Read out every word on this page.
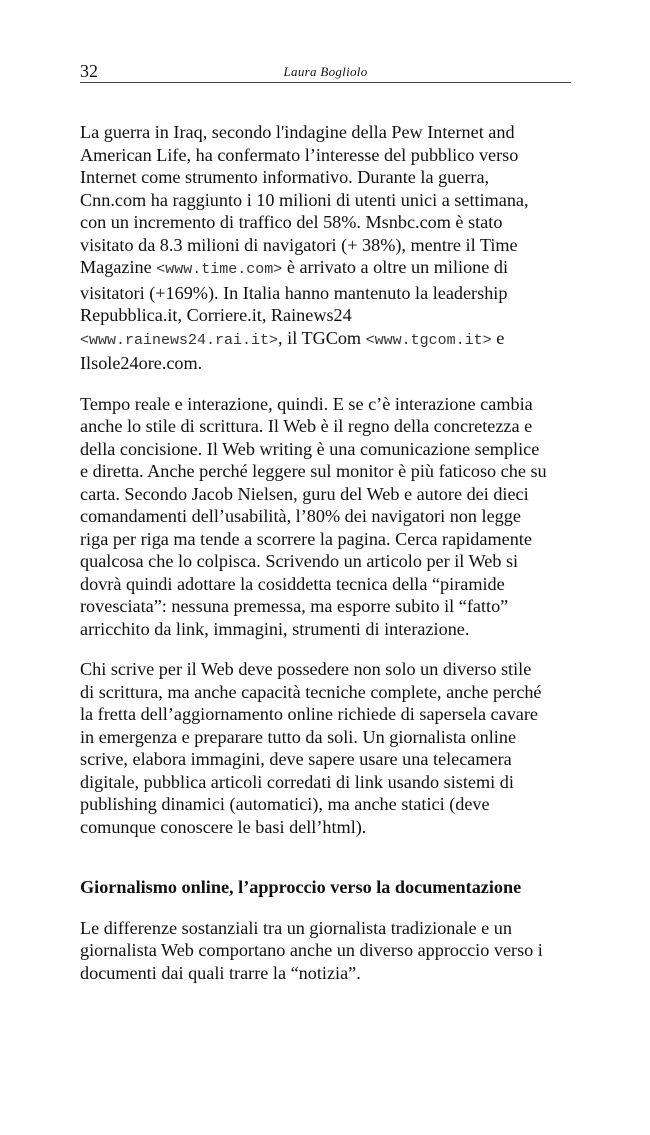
32	Laura Bogliolo

La guerra in Iraq, secondo l'indagine della Pew Internet and
American Life, ha confermato l’interesse del pubblico verso
Internet come strumento informativo. Durante la guerra,
Cnn.com ha raggiunto i 10 milioni di utenti unici a settimana,
con un incremento di traffico del 58%. Msnbc.com è stato
visitato da 8.3 milioni di navigatori (+ 38%), mentre il Time
Magazine <www.time.com> è arrivato a oltre un milione di
visitatori (+169%). In Italia hanno mantenuto la leadership
Repubblica.it, Corriere.it, Rainews24
<www.rainews24.rai.it>, il TGCom <www.tgcom.it> e
Ilsole24ore.com.

Tempo reale e interazione, quindi. E se c’è interazione cambia
anche lo stile di scrittura. Il Web è il regno della concretezza e
della concisione. Il Web writing è una comunicazione semplice
e diretta. Anche perché leggere sul monitor è più faticoso che su
carta. Secondo Jacob Nielsen, guru del Web e autore dei dieci
comandamenti dell’usabilità, l’80% dei navigatori non legge
riga per riga ma tende a scorrere la pagina. Cerca rapidamente
qualcosa che lo colpisca. Scrivendo un articolo per il Web si
dovrà quindi adottare la cosiddetta tecnica della “piramide
rovesciata”: nessuna premessa, ma esporre subito il “fatto”
arricchito da link, immagini, strumenti di interazione.

Chi scrive per il Web deve possedere non solo un diverso stile
di scrittura, ma anche capacità tecniche complete, anche perché
la fretta dell’aggiornamento online richiede di sapersela cavare
in emergenza e preparare tutto da soli. Un giornalista online
scrive, elabora immagini, deve sapere usare una telecamera
digitale, pubblica articoli corredati di link usando sistemi di
publishing dinamici (automatici), ma anche statici (deve
comunque conoscere le basi dell’html).

Giornalismo online, l’approccio verso la documentazione

Le differenze sostanziali tra un giornalista tradizionale e un
giornalista Web comportano anche un diverso approccio verso i
documenti dai quali trarre la “notizia”.
